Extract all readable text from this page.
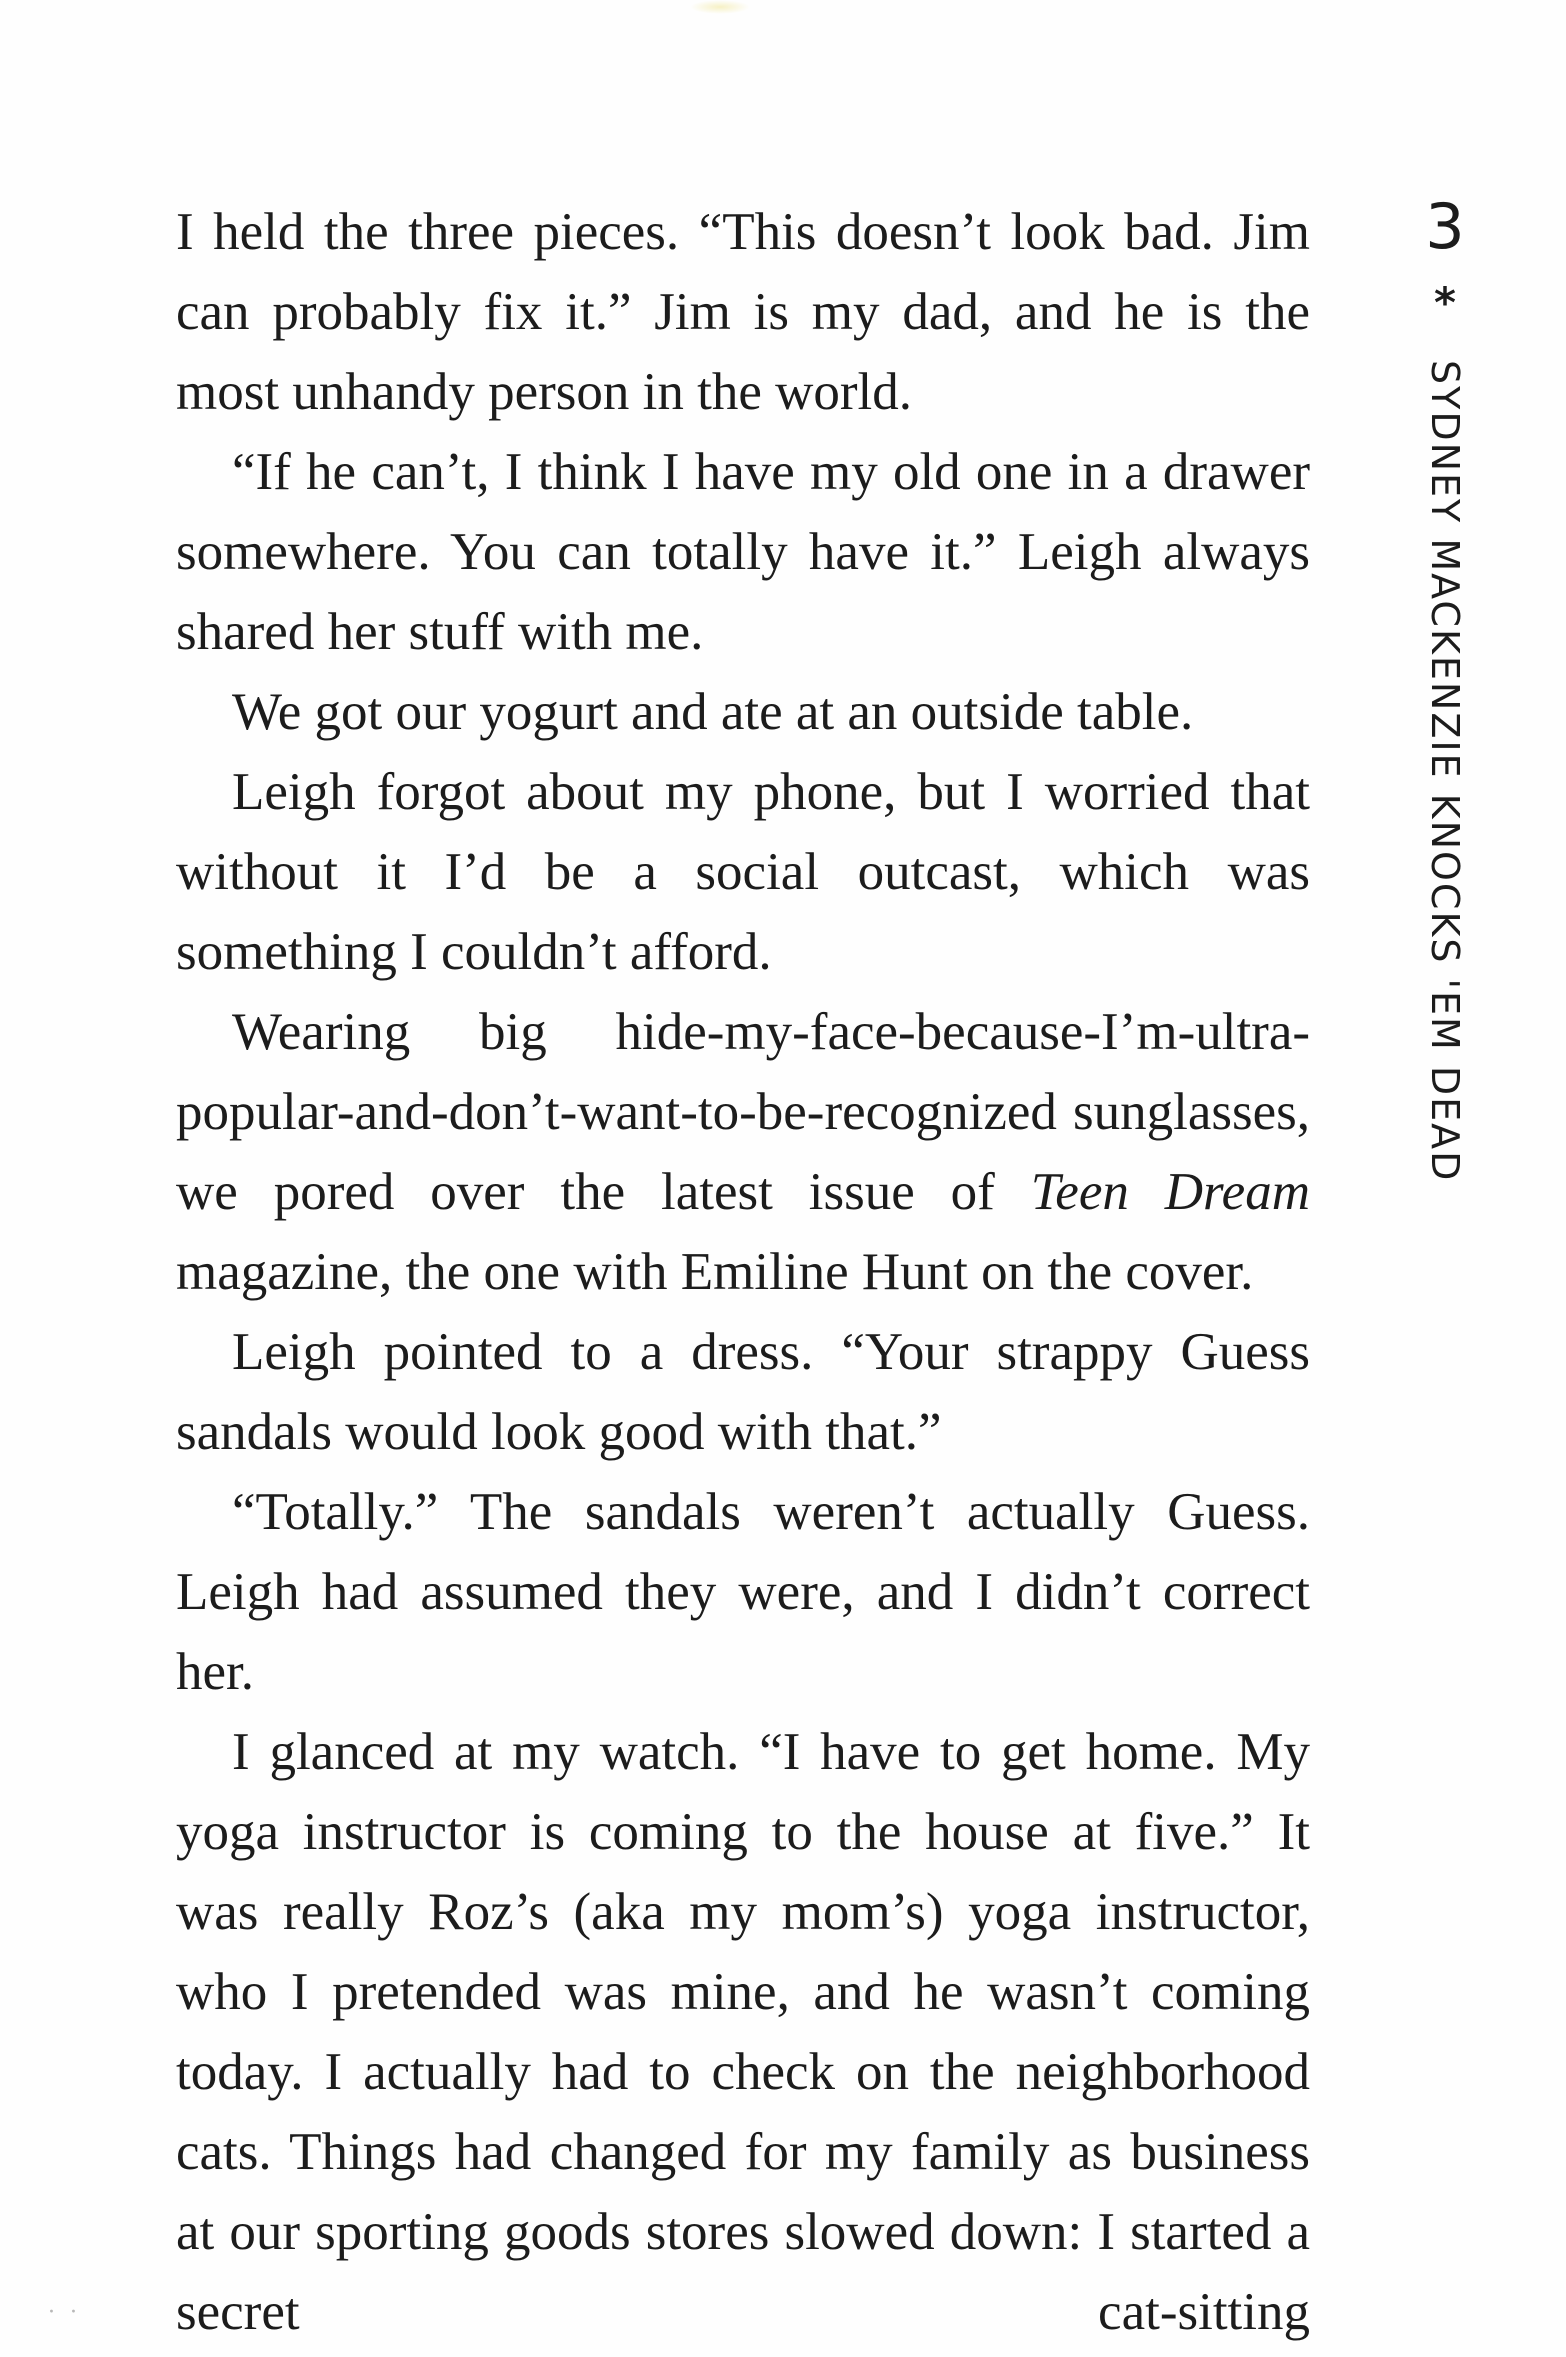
I held the three pieces. “This doesn’t look bad. Jim can probably fix it.” Jim is my dad, and he is the most unhandy person in the world.

“If he can’t, I think I have my old one in a drawer somewhere. You can totally have it.” Leigh always shared her stuff with me.

We got our yogurt and ate at an outside table.

Leigh forgot about my phone, but I worried that without it I’d be a social outcast, which was something I couldn’t afford.

Wearing big hide-my-face-because-I’m-ultra-popular-and-don’t-want-to-be-recognized sunglasses, we pored over the latest issue of Teen Dream magazine, the one with Emiline Hunt on the cover.

Leigh pointed to a dress. “Your strappy Guess sandals would look good with that.”

“Totally.” The sandals weren’t actually Guess. Leigh had assumed they were, and I didn’t correct her.

I glanced at my watch. “I have to get home. My yoga instructor is coming to the house at five.” It was really Roz’s (aka my mom’s) yoga instructor, who I pretended was mine, and he wasn’t coming today. I actually had to check on the neighborhood cats. Things had changed for my family as business at our sporting goods stores slowed down: I started a secret cat-sitting

3
*
SYDNEY MACKENZIE KNOCKS 'EM DEAD
· ·
